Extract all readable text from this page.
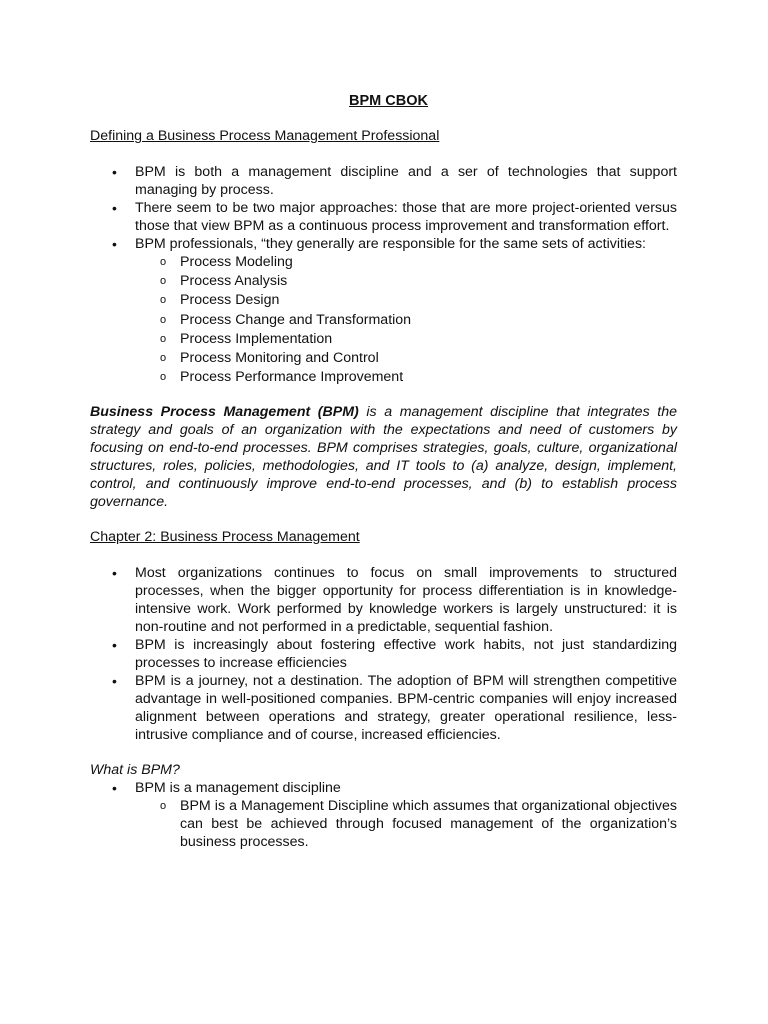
BPM CBOK
Defining a Business Process Management Professional
• BPM is both a management discipline and a ser of technologies that support managing by process.
• There seem to be two major approaches: those that are more project-oriented versus those that view BPM as a continuous process improvement and transformation effort.
• BPM professionals, “they generally are responsible for the same sets of activities:
o Process Modeling
o Process Analysis
o Process Design
o Process Change and Transformation
o Process Implementation
o Process Monitoring and Control
o Process Performance Improvement

Business Process Management (BPM) is a management discipline that integrates the strategy and goals of an organization with the expectations and need of customers by focusing on end-to-end processes. BPM comprises strategies, goals, culture, organizational structures, roles, policies, methodologies, and IT tools to (a) analyze, design, implement, control, and continuously improve end-to-end processes, and (b) to establish process governance.

Chapter 2: Business Process Management
• Most organizations continues to focus on small improvements to structured processes, when the bigger opportunity for process differentiation is in knowledge-intensive work. Work performed by knowledge workers is largely unstructured: it is non-routine and not performed in a predictable, sequential fashion.
• BPM is increasingly about fostering effective work habits, not just standardizing processes to increase efficiencies
• BPM is a journey, not a destination. The adoption of BPM will strengthen competitive advantage in well-positioned companies. BPM-centric companies will enjoy increased alignment between operations and strategy, greater operational resilience, less-intrusive compliance and of course, increased efficiencies.
What is BPM?
• BPM is a management discipline
o BPM is a Management Discipline which assumes that organizational objectives can best be achieved through focused management of the organization’s business processes.
